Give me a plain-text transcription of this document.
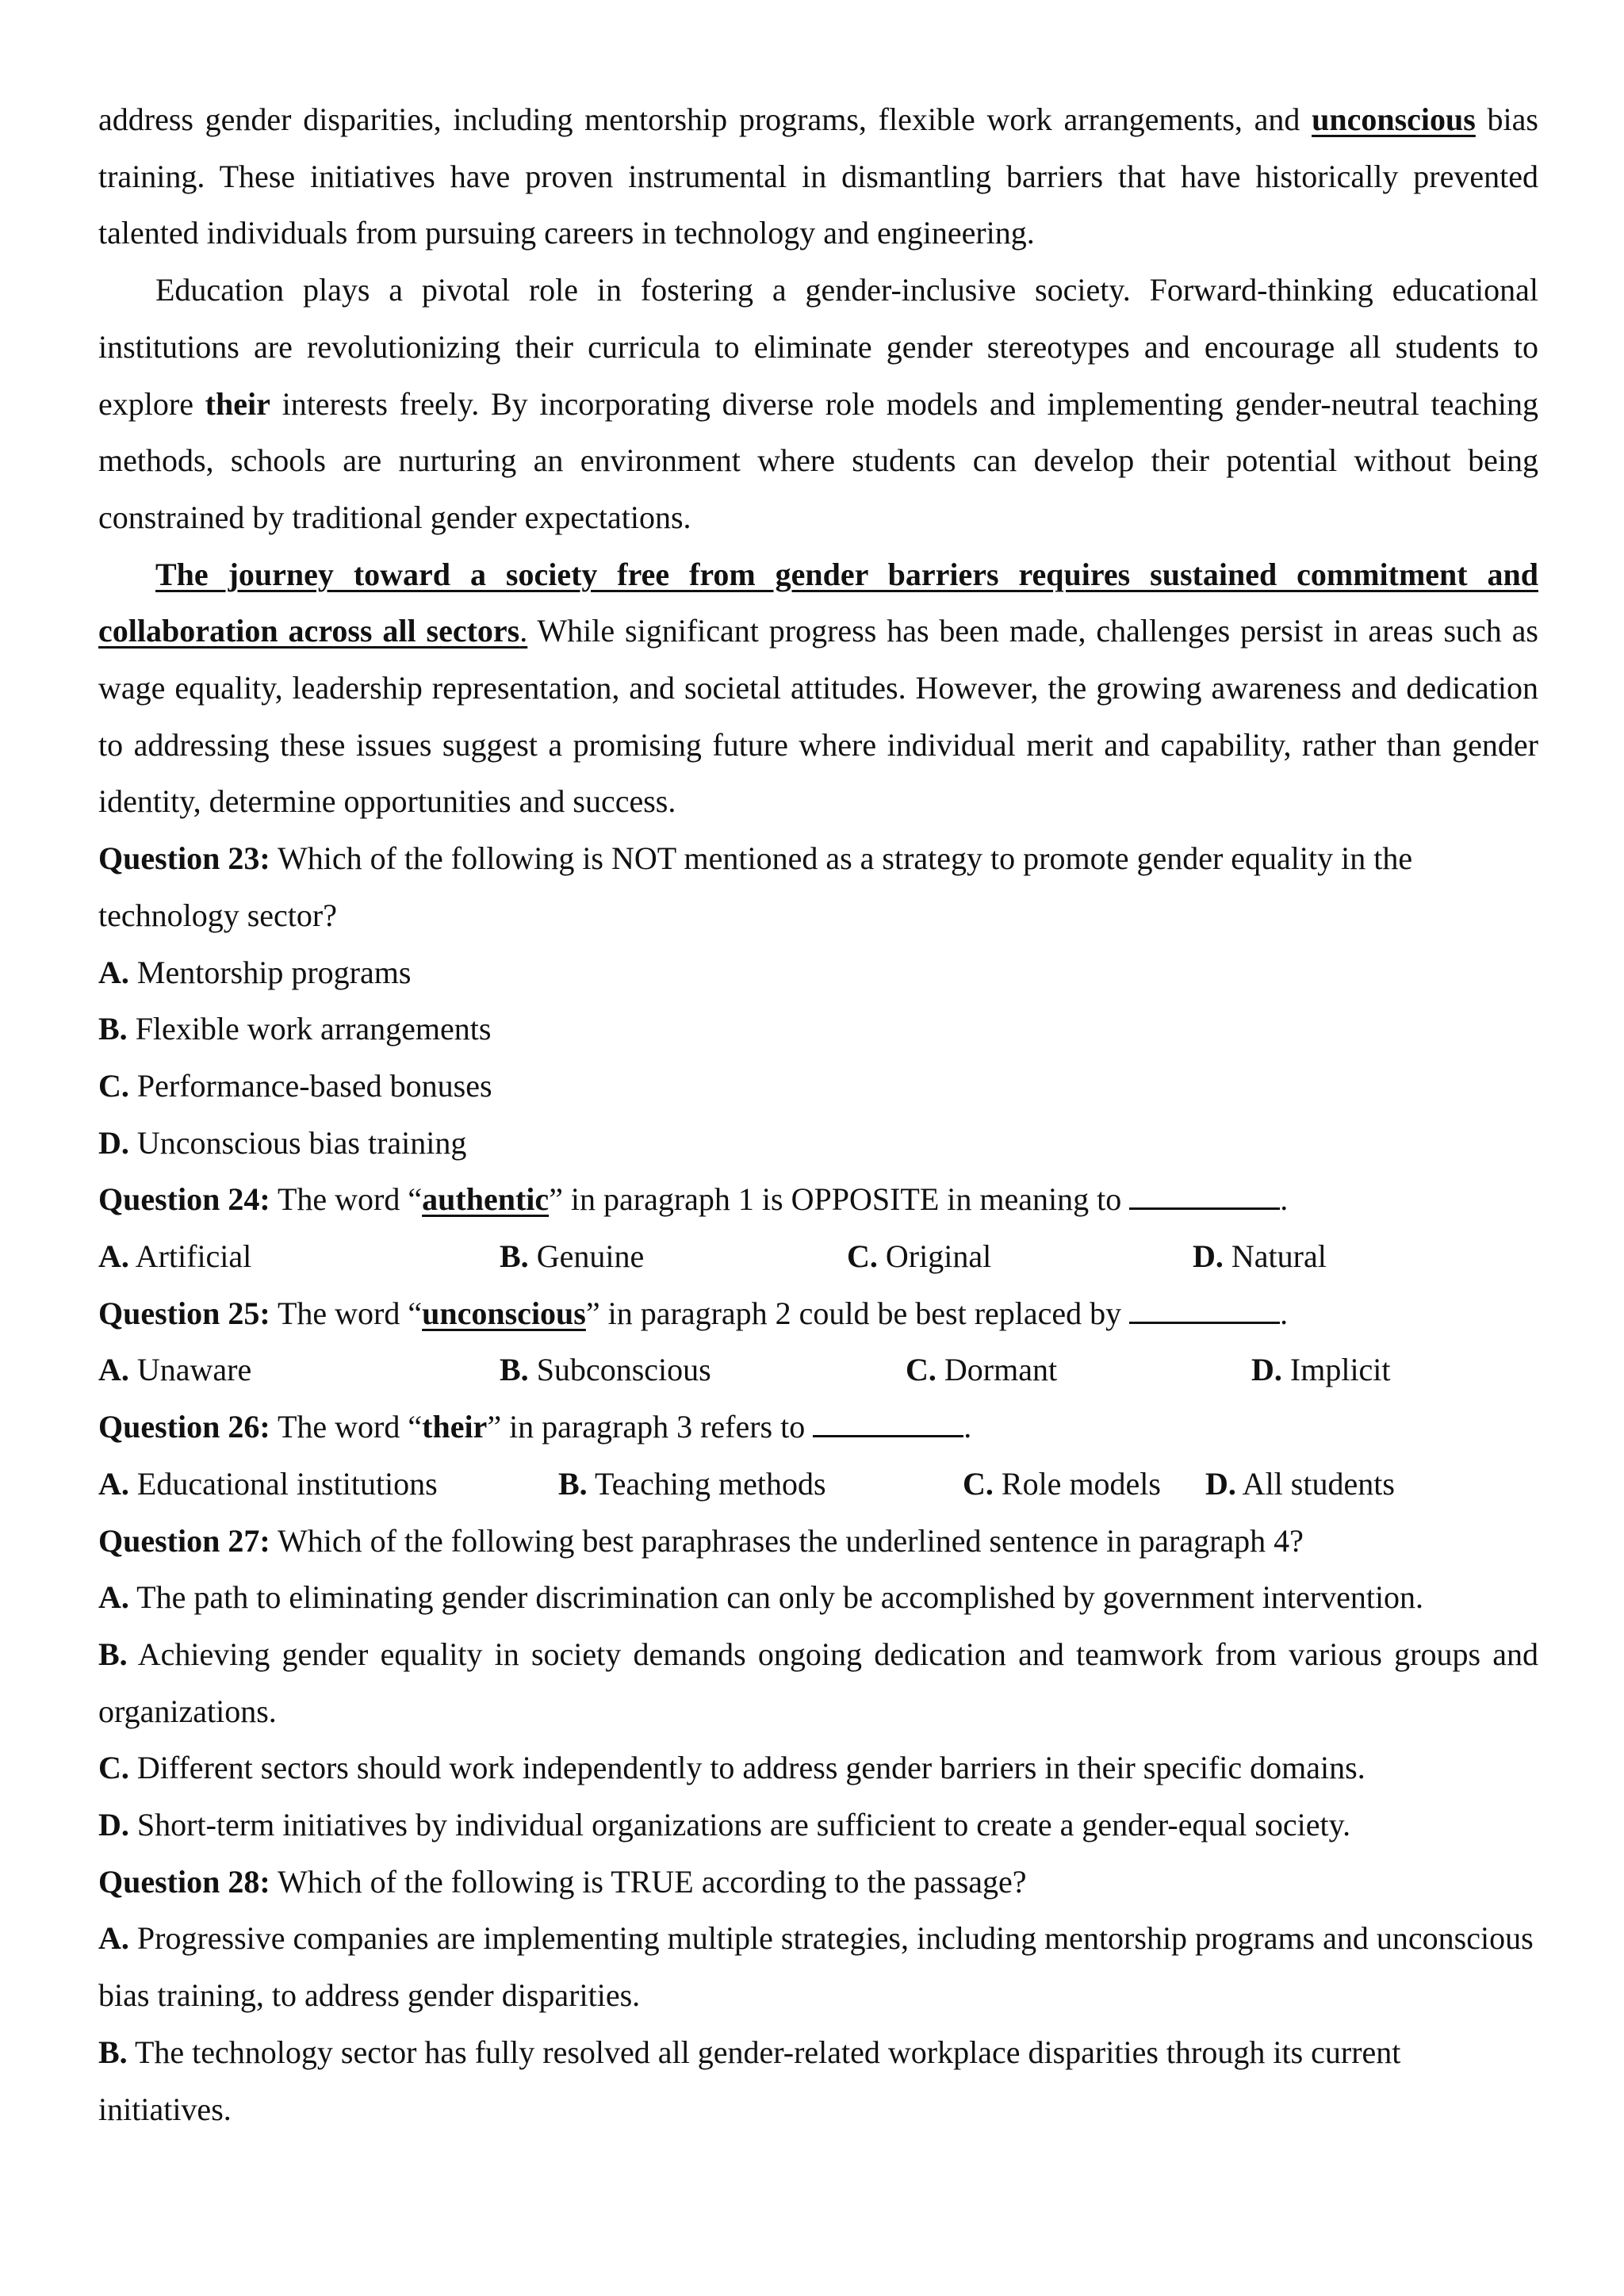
address gender disparities, including mentorship programs, flexible work arrangements, and unconscious bias training. These initiatives have proven instrumental in dismantling barriers that have historically prevented talented individuals from pursuing careers in technology and engineering.

Education plays a pivotal role in fostering a gender-inclusive society. Forward-thinking educational institutions are revolutionizing their curricula to eliminate gender stereotypes and encourage all students to explore their interests freely. By incorporating diverse role models and implementing gender-neutral teaching methods, schools are nurturing an environment where students can develop their potential without being constrained by traditional gender expectations.

The journey toward a society free from gender barriers requires sustained commitment and collaboration across all sectors. While significant progress has been made, challenges persist in areas such as wage equality, leadership representation, and societal attitudes. However, the growing awareness and dedication to addressing these issues suggest a promising future where individual merit and capability, rather than gender identity, determine opportunities and success.

Question 23: Which of the following is NOT mentioned as a strategy to promote gender equality in the technology sector?

A. Mentorship programs

B. Flexible work arrangements

C. Performance-based bonuses

D. Unconscious bias training

Question 24: The word “authentic” in paragraph 1 is OPPOSITE in meaning to	.

A. Artificial	B. Genuine	C. Original	D. Natural

Question 25: The word “unconscious” in paragraph 2 could be best replaced by	.

A. Unaware	B. Subconscious	C. Dormant	D. Implicit

Question 26: The word “their” in paragraph 3 refers to	.

A. Educational institutions	B. Teaching methods	C. Role models D. All students

Question 27: Which of the following best paraphrases the underlined sentence in paragraph 4?

A. The path to eliminating gender discrimination can only be accomplished by government intervention.

B. Achieving gender equality in society demands ongoing dedication and teamwork from various groups and organizations.

C. Different sectors should work independently to address gender barriers in their specific domains.

D. Short-term initiatives by individual organizations are sufficient to create a gender-equal society.

Question 28: Which of the following is TRUE according to the passage?

A. Progressive companies are implementing multiple strategies, including mentorship programs and unconscious bias training, to address gender disparities.

B. The technology sector has fully resolved all gender-related workplace disparities through its current initiatives.
